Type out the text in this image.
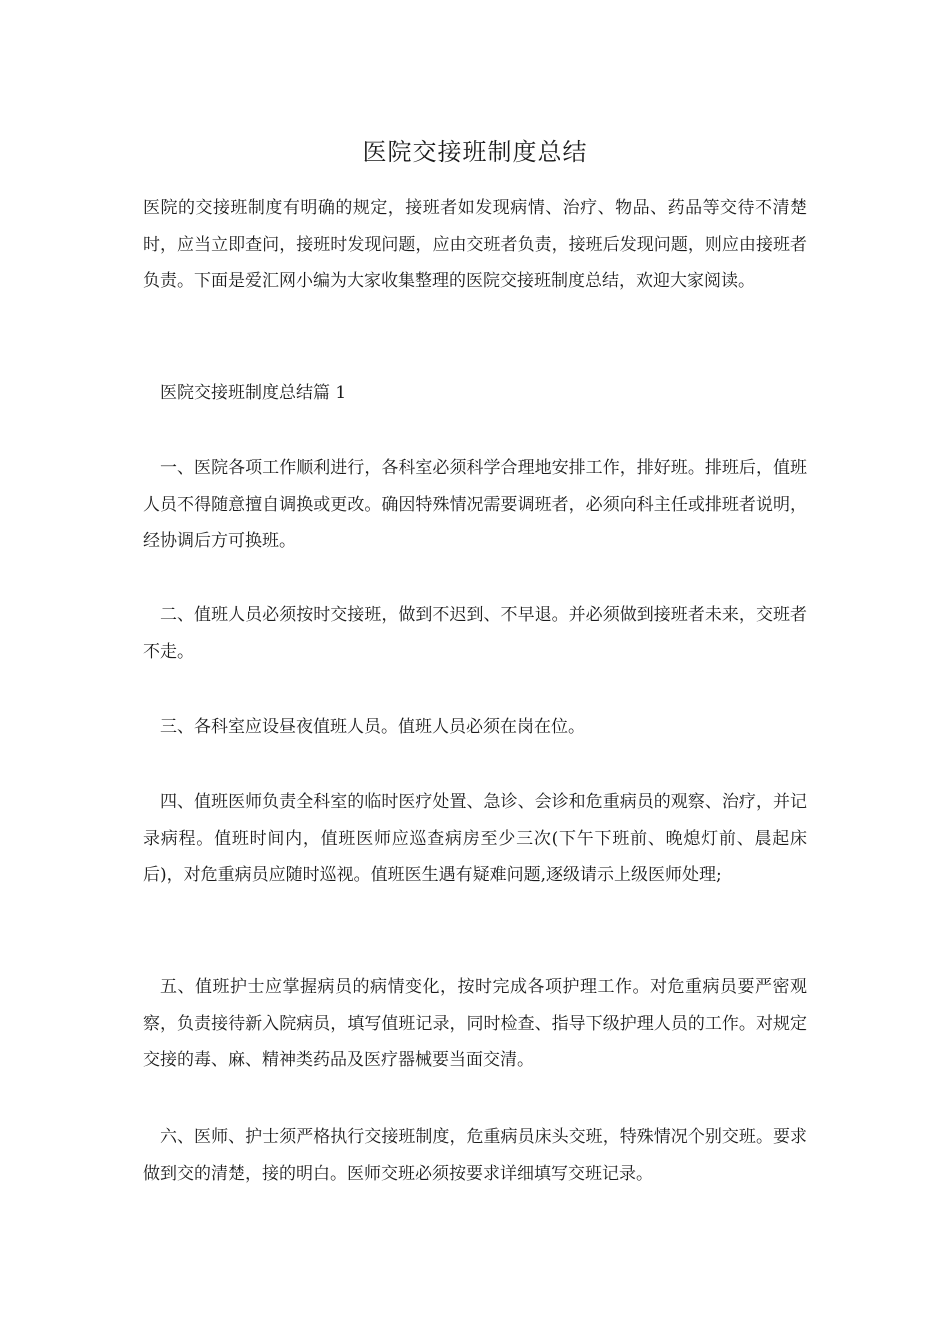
医院交接班制度总结

医院的交接班制度有明确的规定，接班者如发现病情、治疗、物品、药品等交待不清楚时，应当立即查问，接班时发现问题，应由交班者负责，接班后发现问题，则应由接班者负责。下面是爱汇网小编为大家收集整理的医院交接班制度总结，欢迎大家阅读。

医院交接班制度总结篇 1

一、医院各项工作顺利进行，各科室必须科学合理地安排工作，排好班。排班后，值班人员不得随意擅自调换或更改。确因特殊情况需要调班者，必须向科主任或排班者说明，经协调后方可换班。

二、值班人员必须按时交接班，做到不迟到、不早退。并必须做到接班者未来，交班者不走。

三、各科室应设昼夜值班人员。值班人员必须在岗在位。

四、值班医师负责全科室的临时医疗处置、急诊、会诊和危重病员的观察、治疗，并记录病程。值班时间内，值班医师应巡查病房至少三次(下午下班前、晚熄灯前、晨起床后)，对危重病员应随时巡视。值班医生遇有疑难问题,逐级请示上级医师处理;

五、值班护士应掌握病员的病情变化，按时完成各项护理工作。对危重病员要严密观察，负责接待新入院病员，填写值班记录，同时检查、指导下级护理人员的工作。对规定交接的毒、麻、精神类药品及医疗器械要当面交清。

六、医师、护士须严格执行交接班制度，危重病员床头交班，特殊情况个别交班。要求做到交的清楚，接的明白。医师交班必须按要求详细填写交班记录。
